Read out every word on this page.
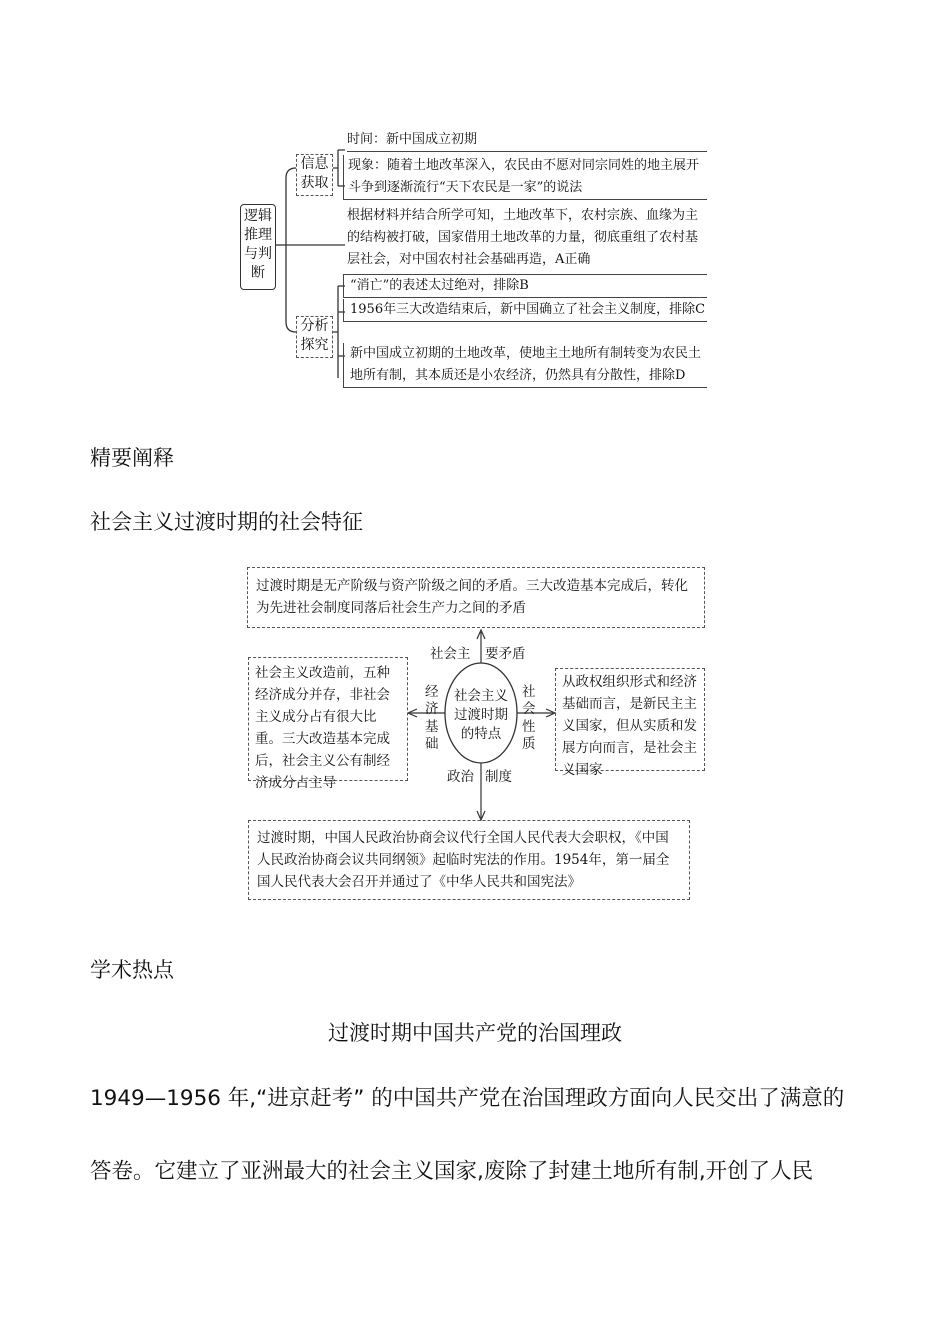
逻辑推理与判断
信息获取
分析探究
时间：新中国成立初期
现象：随着土地改革深入，农民由不愿对同宗同姓的地主展开斗争到逐渐流行“天下农民是一家”的说法
根据材料并结合所学可知，土地改革下，农村宗族、血缘为主的结构被打破，国家借用土地改革的力量，彻底重组了农村基层社会，对中国农村社会基础再造，A正确
“消亡”的表述太过绝对，排除B
1956年三大改造结束后，新中国确立了社会主义制度，排除C
新中国成立初期的土地改革，使地主土地所有制转变为农民土地所有制，其本质还是小农经济，仍然具有分散性，排除D
精要阐释
社会主义过渡时期的社会特征
过渡时期是无产阶级与资产阶级之间的矛盾。三大改造基本完成后，转化为先进社会制度同落后社会生产力之间的矛盾
社会主义改造前，五种经济成分并存，非社会主义成分占有很大比重。三大改造基本完成后，社会主义公有制经济成分占主导
从政权组织形式和经济基础而言，是新民主主义国家，但从实质和发展方向而言，是社会主义国家
过渡时期，中国人民政治协商会议代行全国人民代表大会职权，《中国人民政治协商会议共同纲领》起临时宪法的作用。1954年，第一届全国人民代表大会召开并通过了《中华人民共和国宪法》
社会主义过渡时期的特点
社会主 要矛盾
经济
基础
社会
性质
政治 制度
学术热点
过渡时期中国共产党的治国理政
1949—1956 年,“进京赶考” 的中国共产党在治国理政方面向人民交出了满意的
答卷。它建立了亚洲最大的社会主义国家,废除了封建土地所有制,开创了人民
